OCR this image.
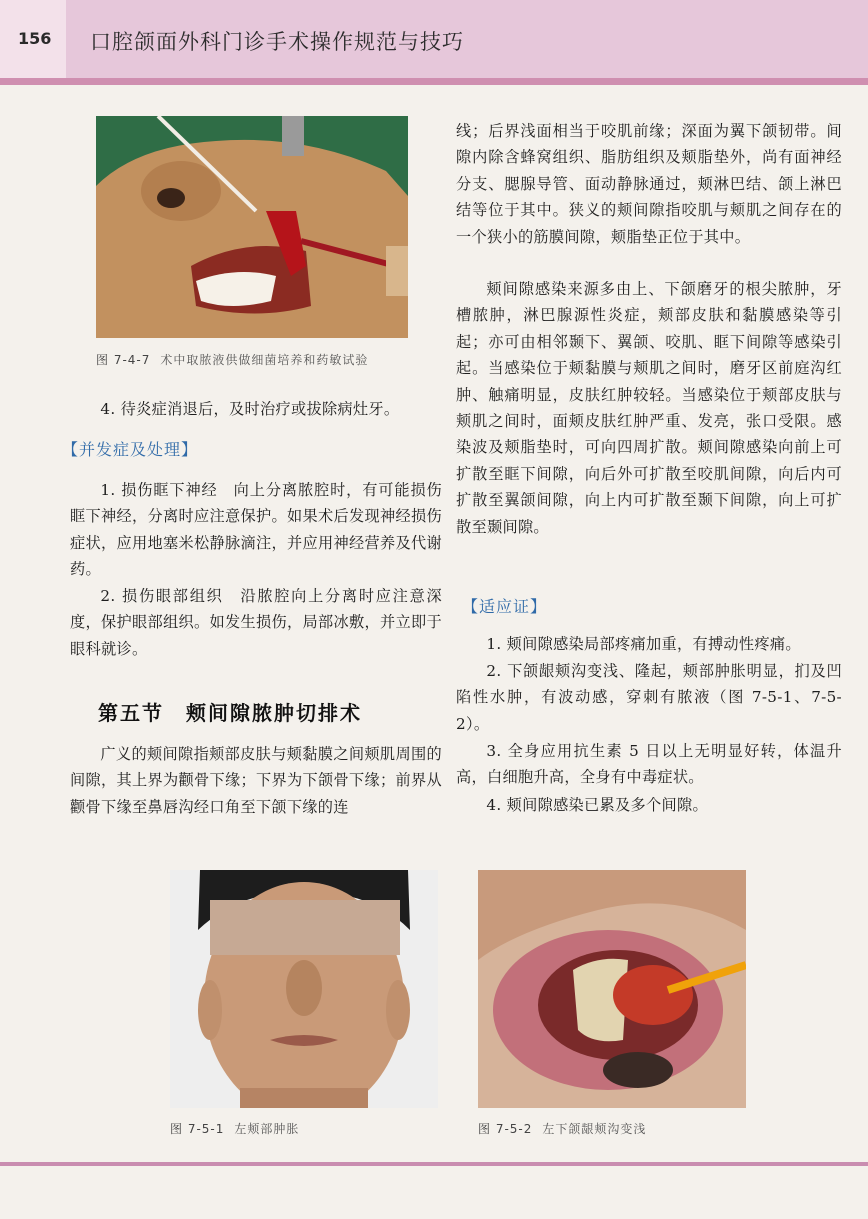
156 口腔颌面外科门诊手术操作规范与技巧
图 7-4-7 术中取脓液供做细菌培养和药敏试验

4. 待炎症消退后，及时治疗或拔除病灶牙。

【并发症及处理】

1. 损伤眶下神经　向上分离脓腔时，有可能损伤眶下神经，分离时应注意保护。如果术后发现神经损伤症状，应用地塞米松静脉滴注，并应用神经营养及代谢药。

2. 损伤眼部组织　沿脓腔向上分离时应注意深度，保护眼部组织。如发生损伤，局部冰敷，并立即于眼科就诊。

第五节　颊间隙脓肿切排术

广义的颊间隙指颊部皮肤与颊黏膜之间颊肌周围的间隙，其上界为颧骨下缘；下界为下颌骨下缘；前界从颧骨下缘至鼻唇沟经口角至下颌下缘的连

线；后界浅面相当于咬肌前缘；深面为翼下颌韧带。间隙内除含蜂窝组织、脂肪组织及颊脂垫外，尚有面神经分支、腮腺导管、面动静脉通过，颊淋巴结、颌上淋巴结等位于其中。狭义的颊间隙指咬肌与颊肌之间存在的一个狭小的筋膜间隙，颊脂垫正位于其中。

颊间隙感染来源多由上、下颌磨牙的根尖脓肿，牙槽脓肿，淋巴腺源性炎症，颊部皮肤和黏膜感染等引起；亦可由相邻颞下、翼颌、咬肌、眶下间隙等感染引起。当感染位于颊黏膜与颊肌之间时，磨牙区前庭沟红肿、触痛明显，皮肤红肿较轻。当感染位于颊部皮肤与颊肌之间时，面颊皮肤红肿严重、发亮，张口受限。感染波及颊脂垫时，可向四周扩散。颊间隙感染向前上可扩散至眶下间隙，向后外可扩散至咬肌间隙，向后内可扩散至翼颌间隙，向上内可扩散至颞下间隙，向上可扩散至颞间隙。

【适应证】

1. 颊间隙感染局部疼痛加重，有搏动性疼痛。

2. 下颌龈颊沟变浅、隆起，颊部肿胀明显，扪及凹陷性水肿，有波动感，穿刺有脓液（图 7-5-1、7-5-2）。

3. 全身应用抗生素 5 日以上无明显好转，体温升高，白细胞升高，全身有中毒症状。

4. 颊间隙感染已累及多个间隙。

图 7-5-1 左颊部肿胀	图 7-5-2 左下颌龈颊沟变浅
